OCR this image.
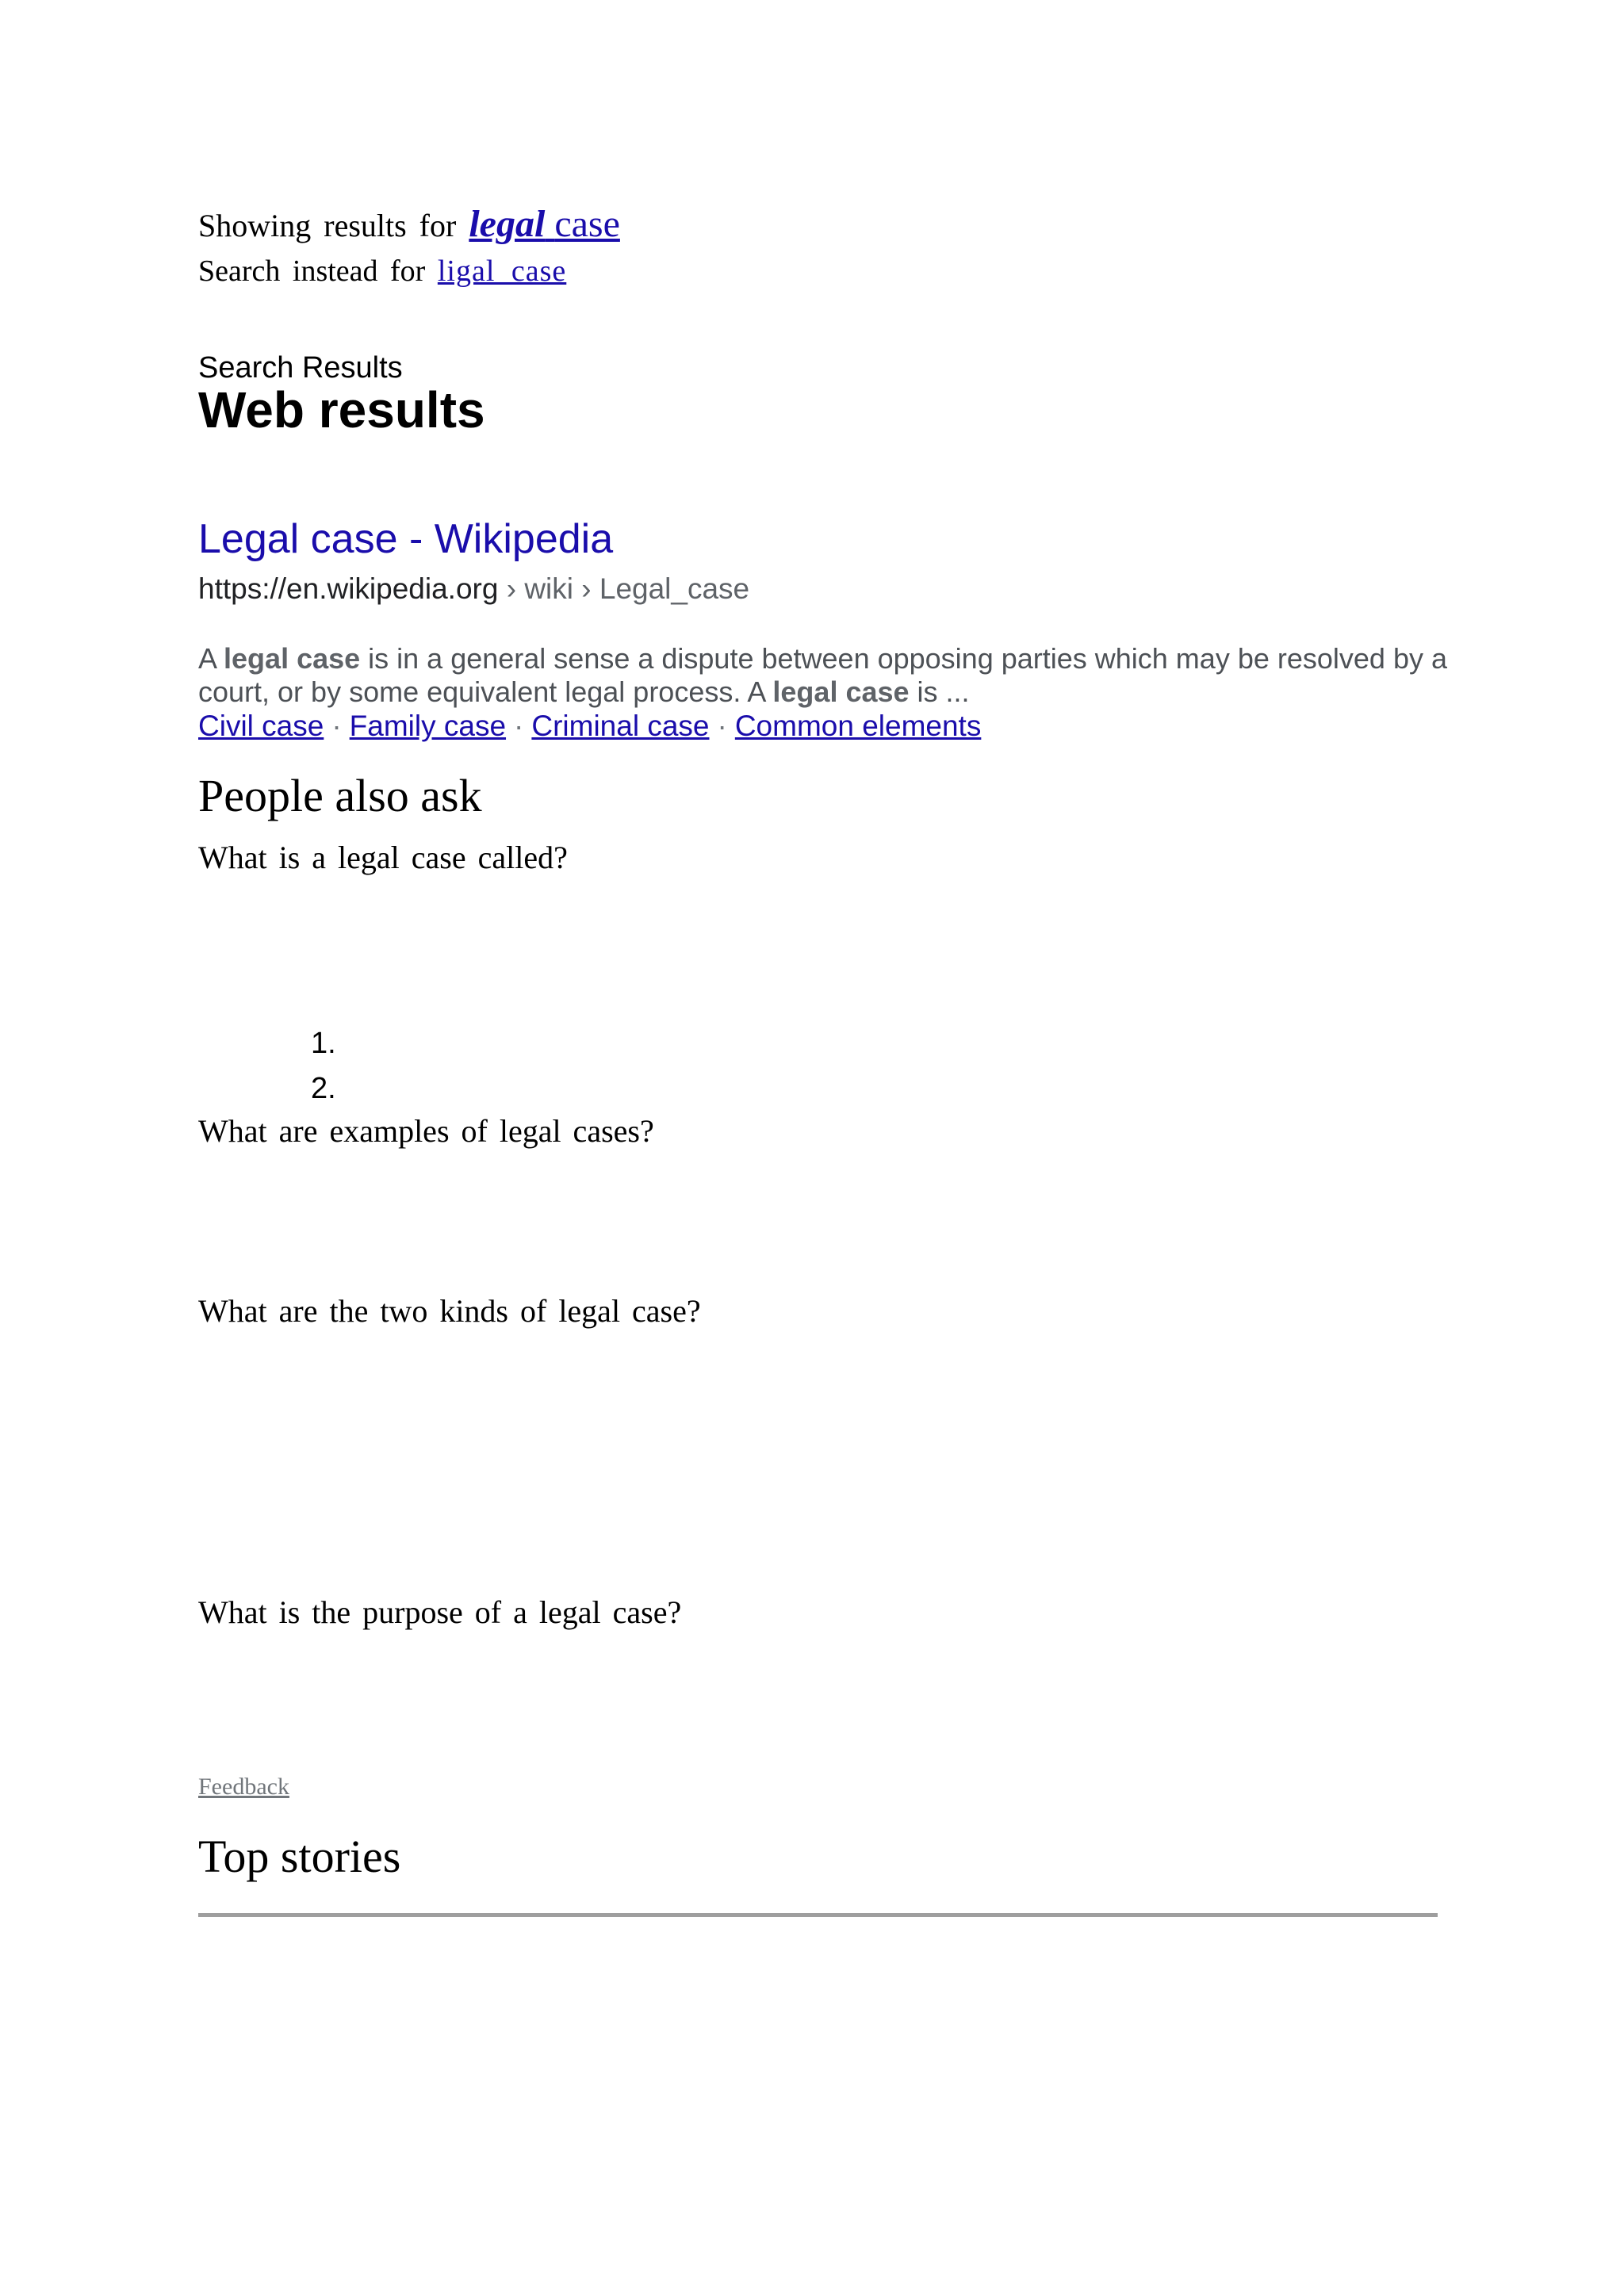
Showing results for legal case
Search instead for ligal case
Search Results
Web results
Legal case - Wikipedia
https://en.wikipedia.org › wiki › Legal_case
A legal case is in a general sense a dispute between opposing parties which may be resolved by a court, or by some equivalent legal process. A legal case is ...
Civil case · Family case · Criminal case · Common elements
People also ask
What is a legal case called?
1.
2.
What are examples of legal cases?
What are the two kinds of legal case?
What is the purpose of a legal case?
Feedback
Top stories
